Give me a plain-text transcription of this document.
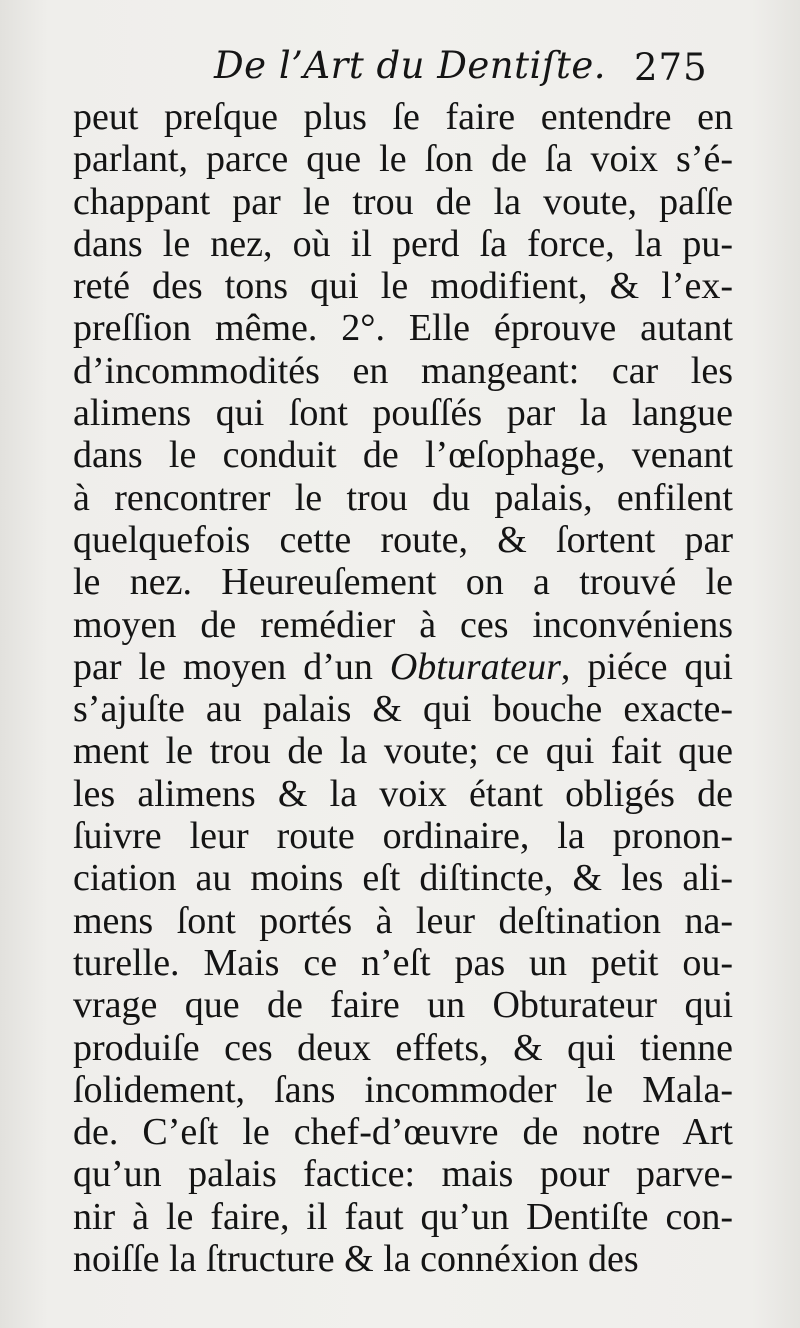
De l’Art du Dentiſte. 275
peut preſque plus ſe faire entendre en
parlant, parce que le ſon de ſa voix s’é-
chappant par le trou de la voute, paſſe
dans le nez, où il perd ſa force, la pu-
reté des tons qui le modifient, & l’ex-
preſſion même. 2°. Elle éprouve autant
d’incommodités en mangeant: car les
alimens qui ſont pouſſés par la langue
dans le conduit de l’œſophage, venant
à rencontrer le trou du palais, enfilent
quelquefois cette route, & ſortent par
le nez. Heureuſement on a trouvé le
moyen de remédier à ces inconvéniens
par le moyen d’un Obturateur, piéce qui
s’ajuſte au palais & qui bouche exacte-
ment le trou de la voute; ce qui fait que
les alimens & la voix étant obligés de
ſuivre leur route ordinaire, la pronon-
ciation au moins eſt diſtincte, & les ali-
mens ſont portés à leur deſtination na-
turelle. Mais ce n’eſt pas un petit ou-
vrage que de faire un Obturateur qui
produiſe ces deux effets, & qui tienne
ſolidement, ſans incommoder le Mala-
de. C’eſt le chef-d’œuvre de notre Art
qu’un palais factice: mais pour parve-
nir à le faire, il faut qu’un Dentiſte con-
noiſſe la ſtructure & la connéxion des
